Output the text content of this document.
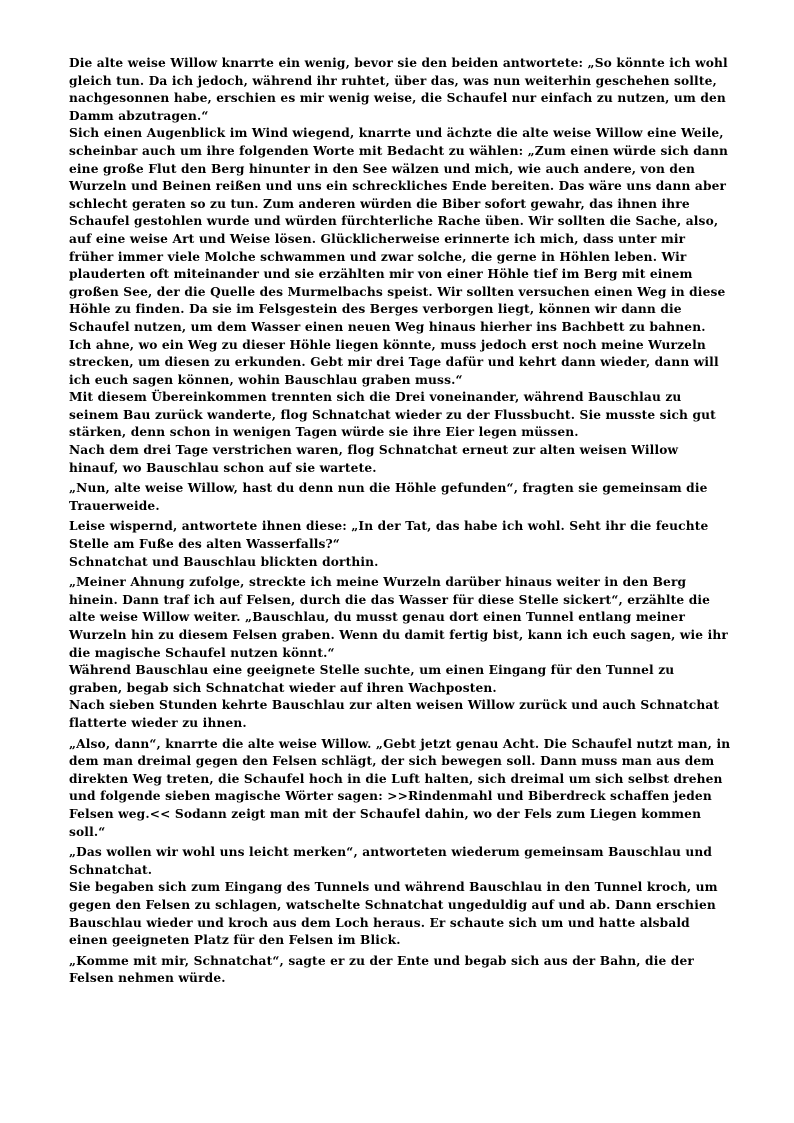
Die alte weise Willow knarrte ein wenig, bevor sie den beiden antwortete: „So könnte ich wohl gleich tun. Da ich jedoch, während ihr ruhtet, über das, was nun weiterhin geschehen sollte, nachgesonnen habe, erschien es mir wenig weise, die Schaufel nur einfach zu nutzen, um den Damm abzutragen.“

Sich einen Augenblick im Wind wiegend, knarrte und ächzte die alte weise Willow eine Weile, scheinbar auch um ihre folgenden Worte mit Bedacht zu wählen: „Zum einen würde sich dann eine große Flut den Berg hinunter in den See wälzen und mich, wie auch andere, von den Wurzeln und Beinen reißen und uns ein schreckliches Ende bereiten. Das wäre uns dann aber schlecht geraten so zu tun. Zum anderen würden die Biber sofort gewahr, das ihnen ihre Schaufel gestohlen wurde und würden fürchterliche Rache üben. Wir sollten die Sache, also, auf eine weise Art und Weise lösen. Glücklicherweise erinnerte ich mich, dass unter mir früher immer viele Molche schwammen und zwar solche, die gerne in Höhlen leben. Wir plauderten oft miteinander und sie erzählten mir von einer Höhle tief im Berg mit einem großen See, der die Quelle des Murmelbachs speist. Wir sollten versuchen einen Weg in diese Höhle zu finden. Da sie im Felsgestein des Berges verborgen liegt, können wir dann die Schaufel nutzen, um dem Wasser einen neuen Weg hinaus hierher ins Bachbett zu bahnen. Ich ahne, wo ein Weg zu dieser Höhle liegen könnte, muss jedoch erst noch meine Wurzeln strecken, um diesen zu erkunden. Gebt mir drei Tage dafür und kehrt dann wieder, dann will ich euch sagen können, wohin Bauschlau graben muss.“

Mit diesem Übereinkommen trennten sich die Drei voneinander, während Bauschlau zu seinem Bau zurück wanderte, flog Schnatchat wieder zu der Flussbucht. Sie musste sich gut stärken, denn schon in wenigen Tagen würde sie ihre Eier legen müssen.

Nach dem drei Tage verstrichen waren, flog Schnatchat erneut zur alten weisen Willow hinauf, wo Bauschlau schon auf sie wartete.

„Nun, alte weise Willow, hast du denn nun die Höhle gefunden“, fragten sie gemeinsam die Trauerweide.

Leise wispernd, antwortete ihnen diese: „In der Tat, das habe ich wohl. Seht ihr die feuchte Stelle am Fuße des alten Wasserfalls?“

Schnatchat und Bauschlau blickten dorthin.

„Meiner Ahnung zufolge, streckte ich meine Wurzeln darüber hinaus weiter in den Berg hinein. Dann traf ich auf Felsen, durch die das Wasser für diese Stelle sickert“, erzählte die alte weise Willow weiter. „Bauschlau, du musst genau dort einen Tunnel entlang meiner Wurzeln hin zu diesem Felsen graben. Wenn du damit fertig bist, kann ich euch sagen, wie ihr die magische Schaufel nutzen könnt.“

Während Bauschlau eine geeignete Stelle suchte, um einen Eingang für den Tunnel zu graben, begab sich Schnatchat wieder auf ihren Wachposten.

Nach sieben Stunden kehrte Bauschlau zur alten weisen Willow zurück und auch Schnatchat flatterte wieder zu ihnen.

„Also, dann“, knarrte die alte weise Willow. „Gebt jetzt genau Acht. Die Schaufel nutzt man, in dem man dreimal gegen den Felsen schlägt, der sich bewegen soll. Dann muss man aus dem direkten Weg treten, die Schaufel hoch in die Luft halten, sich dreimal um sich selbst drehen und folgende sieben magische Wörter sagen: >>Rindenmahl und Biberdreck schaffen jeden Felsen weg.<< Sodann zeigt man mit der Schaufel dahin, wo der Fels zum Liegen kommen soll.“

„Das wollen wir wohl uns leicht merken“, antworteten wiederum gemeinsam Bauschlau und Schnatchat.

Sie begaben sich zum Eingang des Tunnels und während Bauschlau in den Tunnel kroch, um gegen den Felsen zu schlagen, watschelte Schnatchat ungeduldig auf und ab. Dann erschien Bauschlau wieder und kroch aus dem Loch heraus. Er schaute sich um und hatte alsbald einen geeigneten Platz für den Felsen im Blick.

„Komme mit mir, Schnatchat“, sagte er zu der Ente und begab sich aus der Bahn, die der Felsen nehmen würde.
